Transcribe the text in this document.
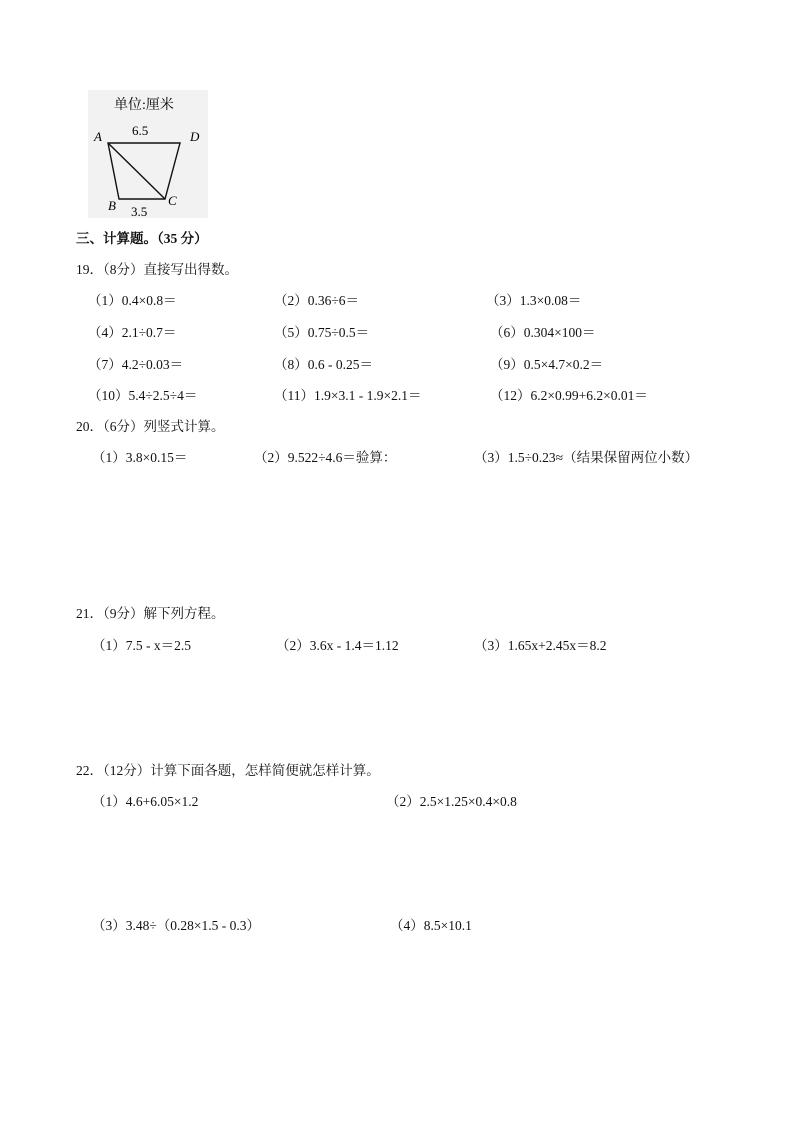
单位:厘米
6.5
A	D
B	C
3.5
三、计算题。（35 分）
19．（8分）直接写出得数。
（1）0.4×0.8＝	（2）0.36÷6＝	（3）1.3×0.08＝
（4）2.1÷0.7＝	（5）0.75÷0.5＝	（6）0.304×100＝
（7）4.2÷0.03＝	（8）0.6 - 0.25＝	（9）0.5×4.7×0.2＝
（10）5.4÷2.5÷4＝	（11）1.9×3.1 - 1.9×2.1＝	（12）6.2×0.99+6.2×0.01＝
20．（6分）列竖式计算。
（1）3.8×0.15＝	（2）9.522÷4.6＝验算：	（3）1.5÷0.23≈（结果保留两位小数）
21．（9分）解下列方程。
（1）7.5 - x＝2.5	（2）3.6x - 1.4＝1.12	（3）1.65x+2.45x＝8.2
22．（12分）计算下面各题，怎样简便就怎样计算。
（1）4.6+6.05×1.2	（2）2.5×1.25×0.4×0.8
（3）3.48÷（0.28×1.5 - 0.3）	（4）8.5×10.1
